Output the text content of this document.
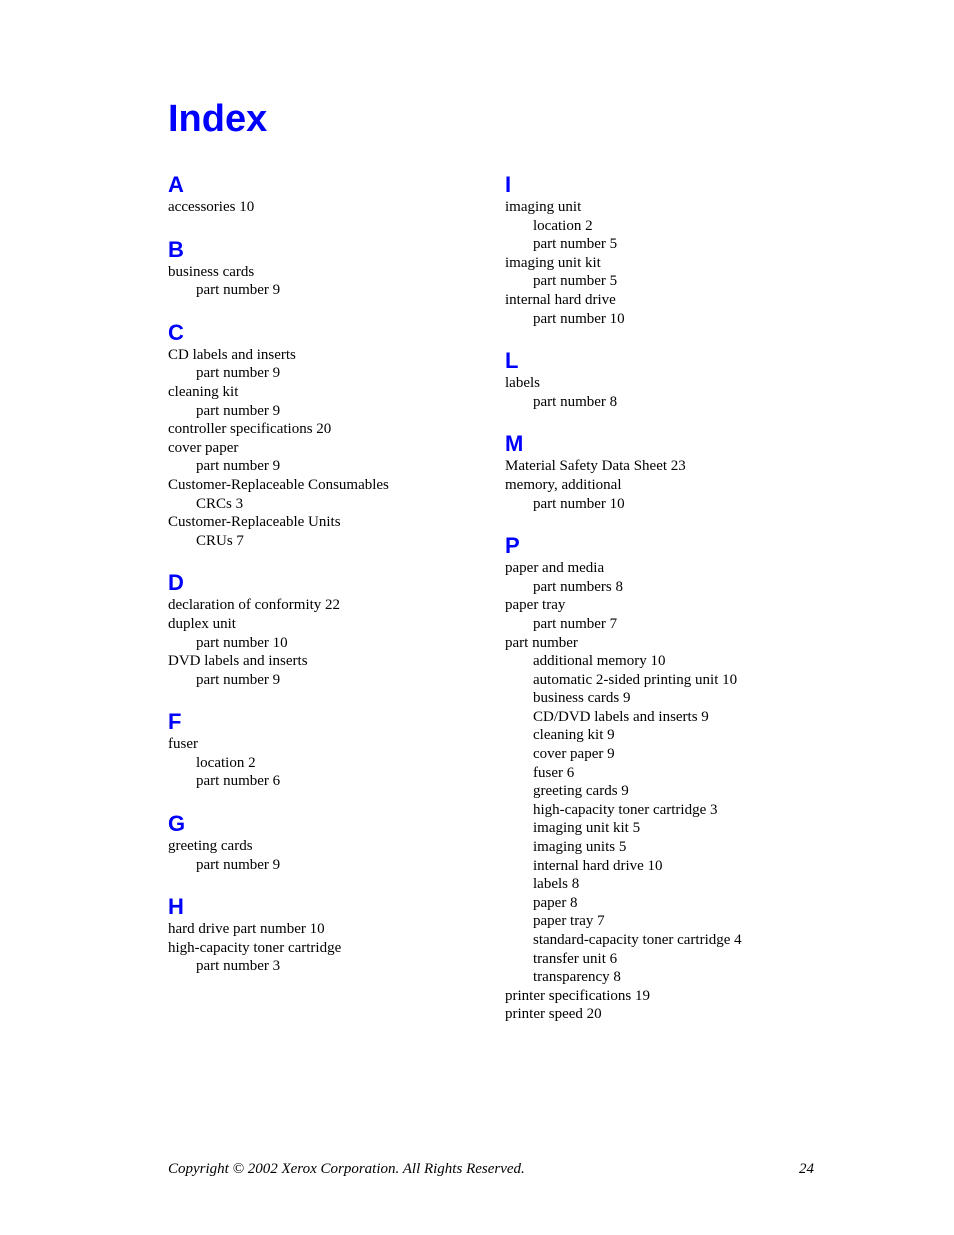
Index
A
accessories 10
B
business cards
part number 9
C
CD labels and inserts
part number 9
cleaning kit
part number 9
controller specifications 20
cover paper
part number 9
Customer-Replaceable Consumables
CRCs 3
Customer-Replaceable Units
CRUs 7
D
declaration of conformity 22
duplex unit
part number 10
DVD labels and inserts
part number 9
F
fuser
location 2
part number 6
G
greeting cards
part number 9
H
hard drive part number 10
high-capacity toner cartridge
part number 3
I
imaging unit
location 2
part number 5
imaging unit kit
part number 5
internal hard drive
part number 10
L
labels
part number 8
M
Material Safety Data Sheet 23
memory, additional
part number 10
P
paper and media
part numbers 8
paper tray
part number 7
part number
additional memory 10
automatic 2-sided printing unit 10
business cards 9
CD/DVD labels and inserts 9
cleaning kit 9
cover paper 9
fuser 6
greeting cards 9
high-capacity toner cartridge 3
imaging unit kit 5
imaging units 5
internal hard drive 10
labels 8
paper 8
paper tray 7
standard-capacity toner cartridge 4
transfer unit 6
transparency 8
printer specifications 19
printer speed 20
Copyright © 2002 Xerox Corporation. All Rights Reserved.	24
